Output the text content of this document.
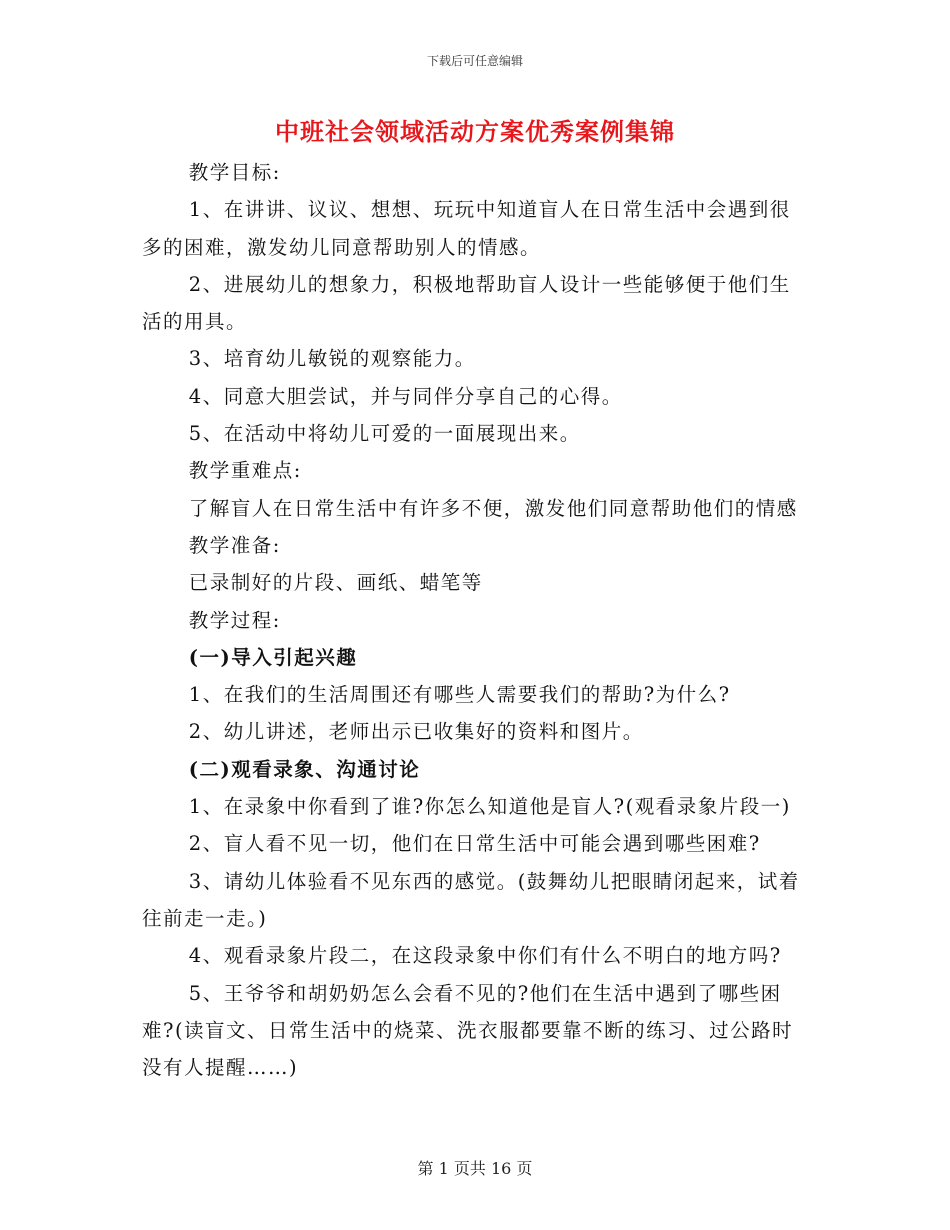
下载后可任意编辑
中班社会领域活动方案优秀案例集锦

教学目标:

1、在讲讲、议议、想想、玩玩中知道盲人在日常生活中会遇到很多的困难，激发幼儿同意帮助别人的情感。

2、进展幼儿的想象力，积极地帮助盲人设计一些能够便于他们生活的用具。

3、培育幼儿敏锐的观察能力。

4、同意大胆尝试，并与同伴分享自己的心得。

5、在活动中将幼儿可爱的一面展现出来。

教学重难点:

了解盲人在日常生活中有许多不便，激发他们同意帮助他们的情感

教学准备:

已录制好的片段、画纸、蜡笔等

教学过程:

(一)导入引起兴趣

1、在我们的生活周围还有哪些人需要我们的帮助?为什么?

2、幼儿讲述，老师出示已收集好的资料和图片。

(二)观看录象、沟通讨论

1、在录象中你看到了谁?你怎么知道他是盲人?(观看录象片段一)

2、盲人看不见一切，他们在日常生活中可能会遇到哪些困难?

3、请幼儿体验看不见东西的感觉。(鼓舞幼儿把眼睛闭起来，试着往前走一走。)

4、观看录象片段二，在这段录象中你们有什么不明白的地方吗?

5、王爷爷和胡奶奶怎么会看不见的?他们在生活中遇到了哪些困难?(读盲文、日常生活中的烧菜、洗衣服都要靠不断的练习、过公路时没有人提醒……)

第 1 页共 16 页
